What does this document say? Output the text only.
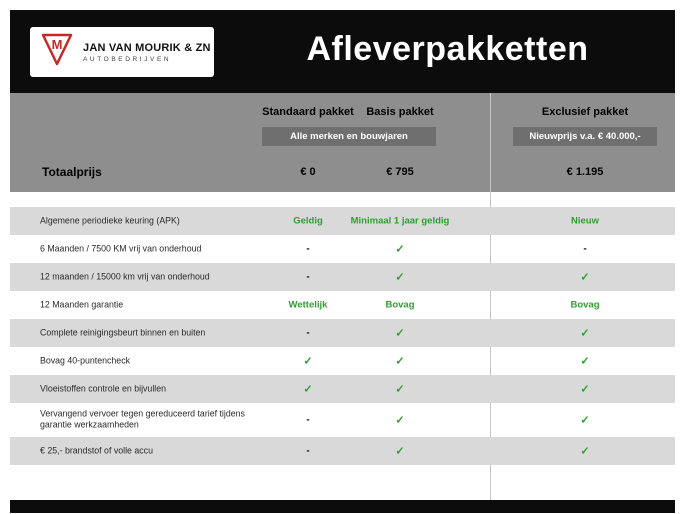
M JAN VAN MOURIK & ZN
AUTOBEDRIJVEN	Afleverpakketten
Standaard pakket	Basis pakket	Exclusief pakket
Alle merken en bouwjaren	Nieuwprijs v.a. € 40.000,-
Totaalprijs	€ 0	€ 795	€ 1.195
Algemene periodieke keuring (APK)	Geldig	Minimaal 1 jaar geldig	Nieuw
6 Maanden / 7500 KM vrij van onderhoud	-	✓	-
12 maanden / 15000 km vrij van onderhoud	-	✓	✓
12 Maanden garantie	Wettelijk	Bovag	Bovag
Complete reinigingsbeurt binnen en buiten	-	✓	✓
Bovag 40-puntencheck	✓	✓	✓
Vloeistoffen controle en bijvullen	✓	✓	✓
Vervangend vervoer tegen gereduceerd tarief tijdens garantie werkzaamheden	-	✓	✓
€ 25,- brandstof of volle accu	-	✓	✓
